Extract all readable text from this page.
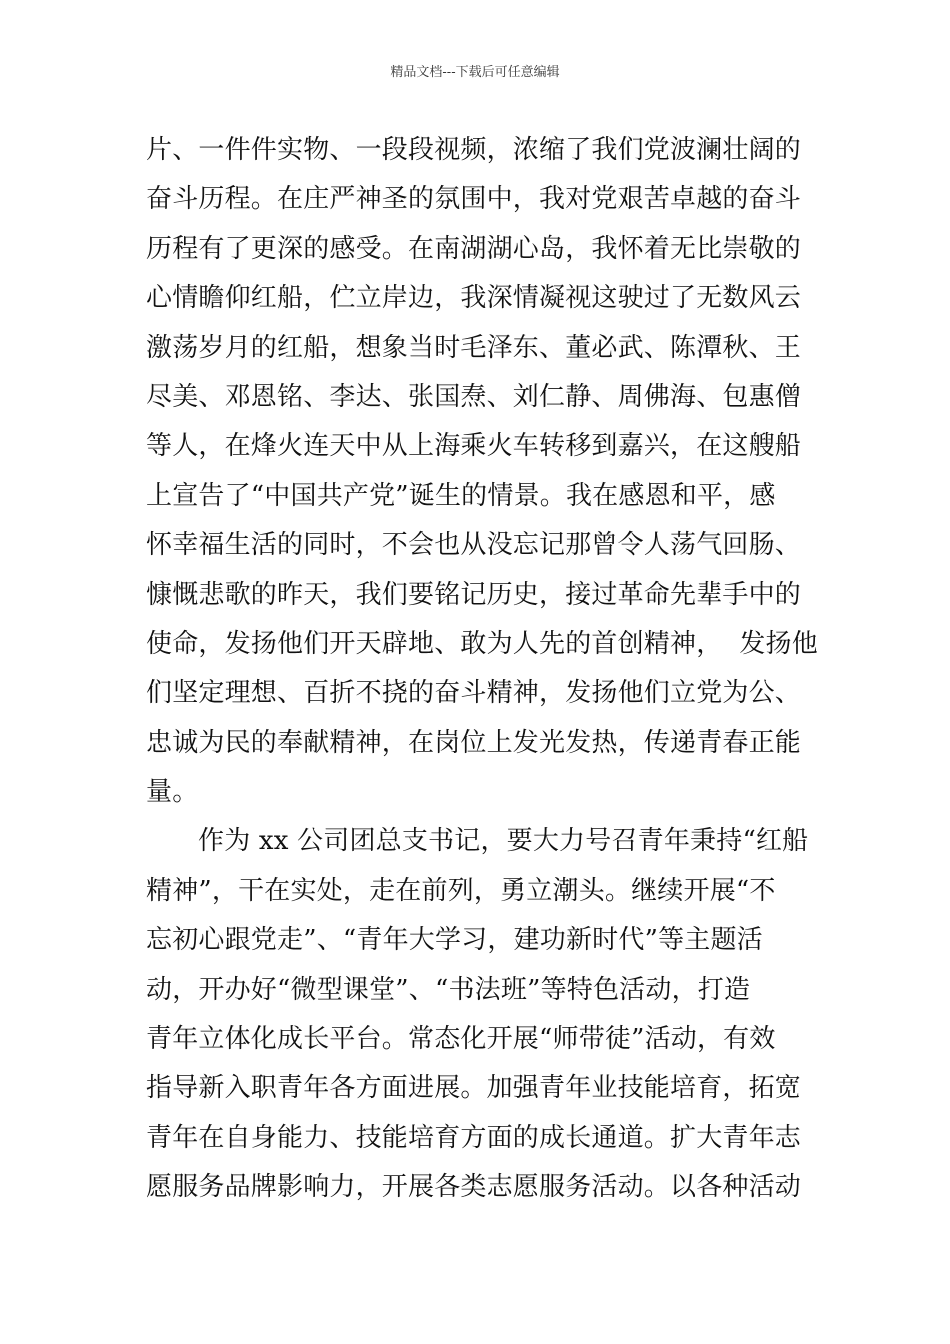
精品文档---下载后可任意编辑
片、一件件实物、一段段视频，浓缩了我们党波澜壮阔的
奋斗历程。在庄严神圣的氛围中，我对党艰苦卓越的奋斗
历程有了更深的感受。在南湖湖心岛，我怀着无比崇敬的
心情瞻仰红船，伫立岸边，我深情凝视这驶过了无数风云
激荡岁月的红船，想象当时毛泽东、董必武、陈潭秋、王
尽美、邓恩铭、李达、张国焘、刘仁静、周佛海、包惠僧
等人，在烽火连天中从上海乘火车转移到嘉兴，在这艘船
上宣告了“中国共产党”诞生的情景。我在感恩和平，感
怀幸福生活的同时，不会也从没忘记那曾令人荡气回肠、
慷慨悲歌的昨天，我们要铭记历史，接过革命先辈手中的
使命，发扬他们开天辟地、敢为人先的首创精神，  发扬他
们坚定理想、百折不挠的奋斗精神，发扬他们立党为公、
忠诚为民的奉献精神，在岗位上发光发热，传递青春正能
量。
作为 xx 公司团总支书记，要大力号召青年秉持“红船
精神”，干在实处，走在前列，勇立潮头。继续开展“不
忘初心跟党走”、“青年大学习，建功新时代”等主题活
动，开办好“微型课堂”、“书法班”等特色活动，打造
青年立体化成长平台。常态化开展“师带徒”活动，有效
指导新入职青年各方面进展。加强青年业技能培育，拓宽
青年在自身能力、技能培育方面的成长通道。扩大青年志
愿服务品牌影响力，开展各类志愿服务活动。以各种活动
